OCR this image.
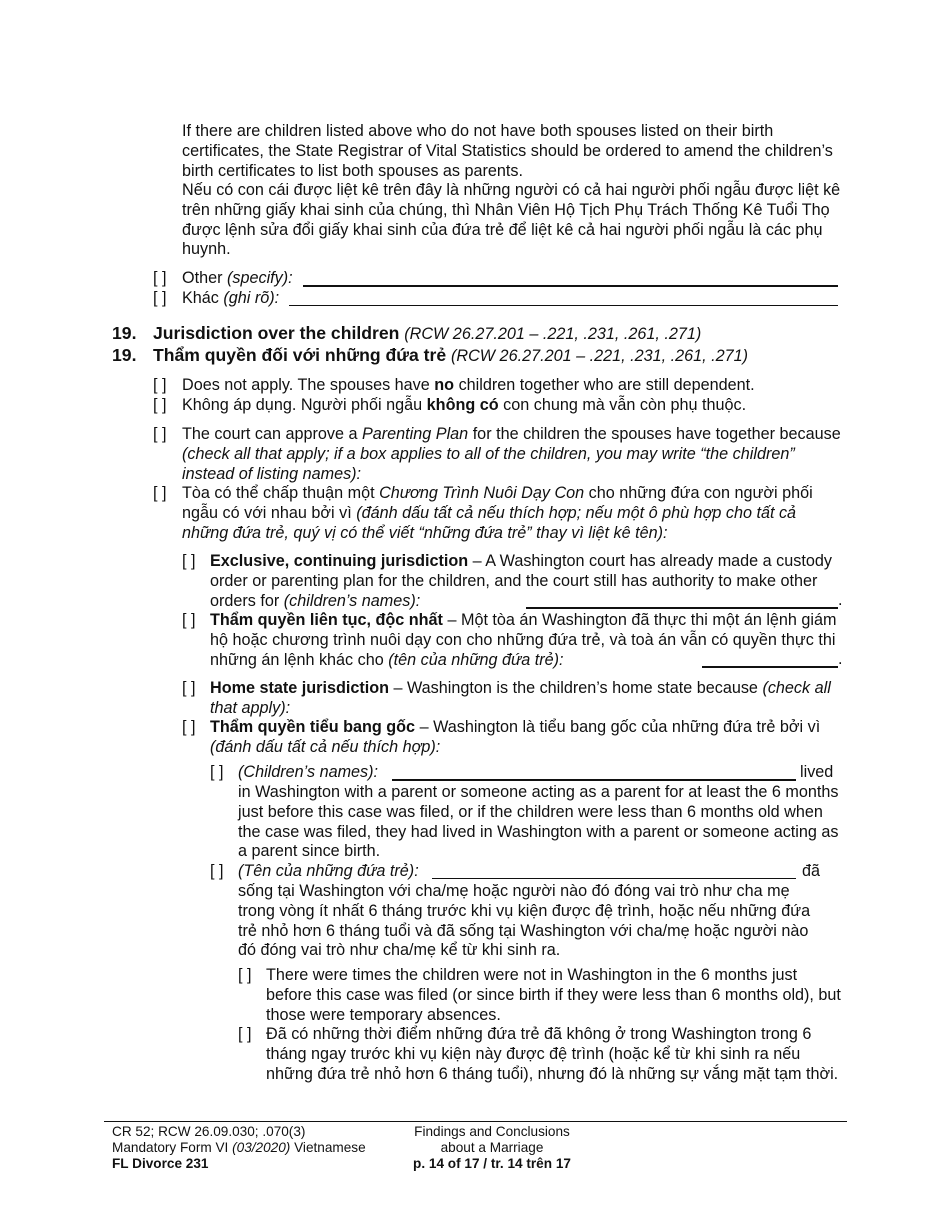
If there are children listed above who do not have both spouses listed on their birth certificates, the State Registrar of Vital Statistics should be ordered to amend the children’s birth certificates to list both spouses as parents.
Nếu có con cái được liệt kê trên đây là những người có cả hai người phối ngẫu được liệt kê trên những giấy khai sinh của chúng, thì Nhân Viên Hộ Tịch Phụ Trách Thống Kê Tuổi Thọ được lệnh sửa đổi giấy khai sinh của đứa trẻ để liệt kê cả hai người phối ngẫu là các phụ huynh.
[ ] Other (specify):
[ ] Khác (ghi rõ):
19. Jurisdiction over the children (RCW 26.27.201 – .221, .231, .261, .271)
19. Thẩm quyền đối với những đứa trẻ (RCW 26.27.201 – .221, .231, .261, .271)
[ ] Does not apply. The spouses have no children together who are still dependent.
[ ] Không áp dụng. Người phối ngẫu không có con chung mà vẫn còn phụ thuộc.
[ ] The court can approve a Parenting Plan for the children the spouses have together because (check all that apply; if a box applies to all of the children, you may write “the children” instead of listing names):
[ ] Tòa có thể chấp thuận một Chương Trình Nuôi Dạy Con cho những đứa con người phối ngẫu có với nhau bởi vì (đánh dấu tất cả nếu thích hợp; nếu một ô phù hợp cho tất cả những đứa trẻ, quý vị có thể viết “những đứa trẻ” thay vì liệt kê tên):
[ ] Exclusive, continuing jurisdiction – A Washington court has already made a custody order or parenting plan for the children, and the court still has authority to make other orders for (children’s names):	.
[ ] Thẩm quyền liên tục, độc nhất – Một tòa án Washington đã thực thi một án lệnh giám hộ hoặc chương trình nuôi dạy con cho những đứa trẻ, và toà án vẫn có quyền thực thi những án lệnh khác cho (tên của những đứa trẻ):	.
[ ] Home state jurisdiction – Washington is the children’s home state because (check all that apply):
[ ] Thẩm quyền tiểu bang gốc – Washington là tiểu bang gốc của những đứa trẻ bởi vì (đánh dấu tất cả nếu thích hợp):
[ ] (Children’s names):	lived
in Washington with a parent or someone acting as a parent for at least the 6 months just before this case was filed, or if the children were less than 6 months old when the case was filed, they had lived in Washington with a parent or someone acting as a parent since birth.
[ ] (Tên của những đứa trẻ):	đã
sống tại Washington với cha/mẹ hoặc người nào đó đóng vai trò như cha mẹ trong vòng ít nhất 6 tháng trước khi vụ kiện được đệ trình, hoặc nếu những đứa trẻ nhỏ hơn 6 tháng tuổi và đã sống tại Washington với cha/mẹ hoặc người nào đó đóng vai trò như cha/mẹ kể từ khi sinh ra.
[ ] There were times the children were not in Washington in the 6 months just before this case was filed (or since birth if they were less than 6 months old), but those were temporary absences.
[ ] Đã có những thời điểm những đứa trẻ đã không ở trong Washington trong 6 tháng ngay trước khi vụ kiện này được đệ trình (hoặc kể từ khi sinh ra nếu những đứa trẻ nhỏ hơn 6 tháng tuổi), nhưng đó là những sự vắng mặt tạm thời.
CR 52; RCW 26.09.030; .070(3)
Mandatory Form VI (03/2020) Vietnamese
FL Divorce 231
Findings and Conclusions
about a Marriage
p. 14 of 17 / tr. 14 trên 17
